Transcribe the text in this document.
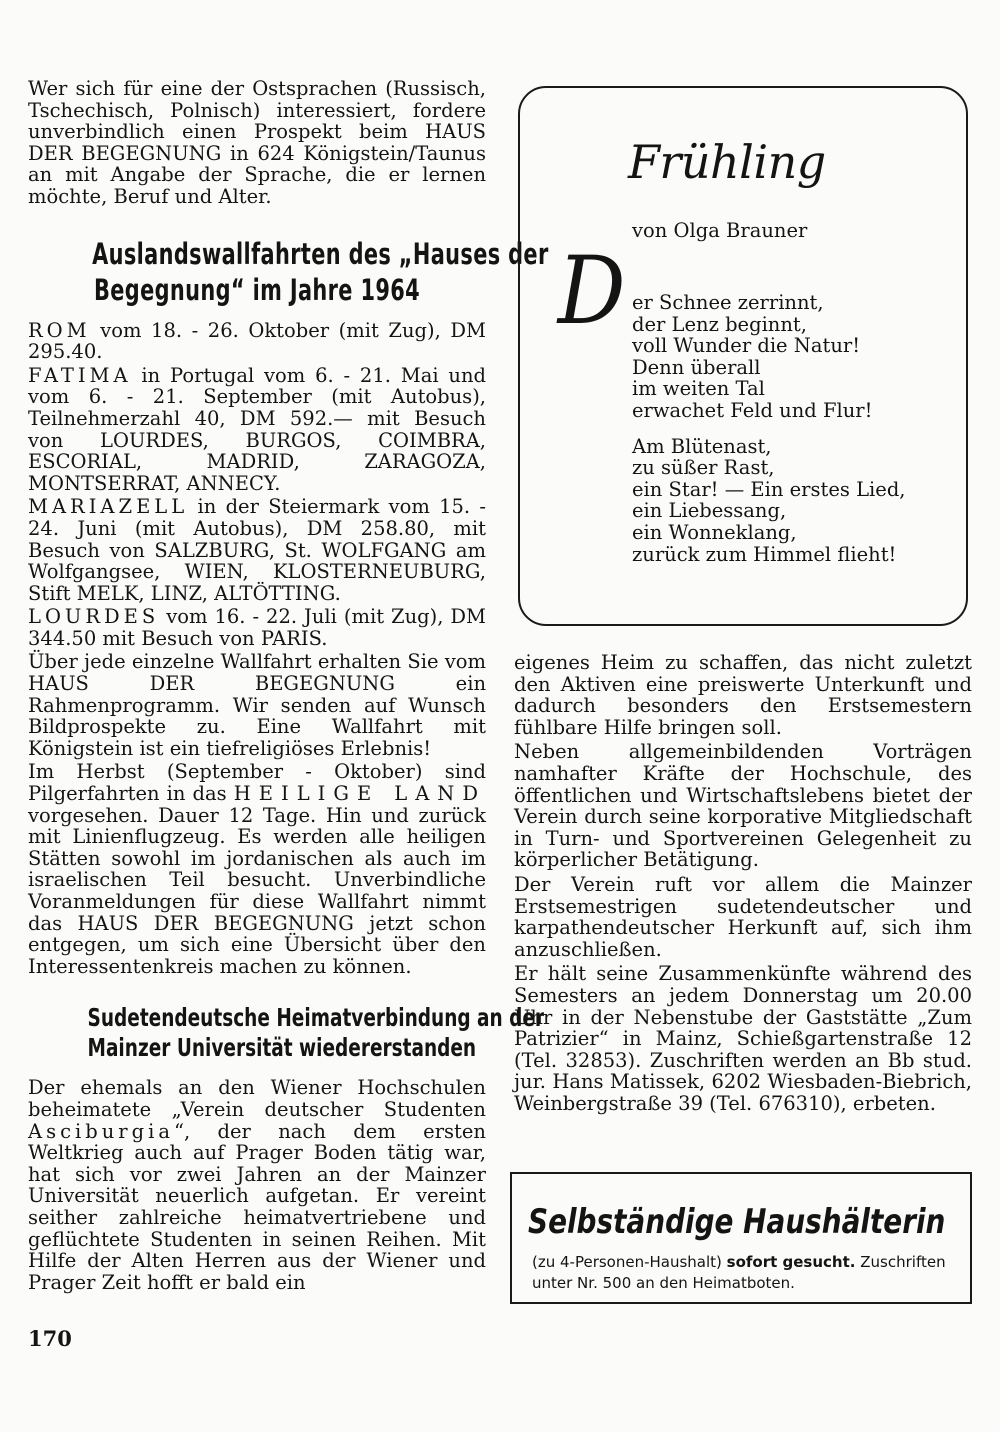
Wer sich für eine der Ostsprachen (Russisch, Tschechisch, Polnisch) interessiert, fordere unverbindlich einen Prospekt beim HAUS DER BEGEGNUNG in 624 Königstein/Taunus an mit Angabe der Sprache, die er lernen möchte, Beruf und Alter.

Auslandswallfahrten des „Hauses der
Begegnung“ im Jahre 1964

ROM vom 18. - 26. Oktober (mit Zug), DM 295.40.

FATIMA in Portugal vom 6. - 21. Mai und vom 6. - 21. September (mit Autobus), Teilnehmerzahl 40, DM 592.— mit Besuch von LOURDES, BURGOS, COIMBRA, ESCORIAL, MADRID, ZARAGOZA, MONTSERRAT, ANNECY.

MARIAZELL in der Steiermark vom 15. - 24. Juni (mit Autobus), DM 258.80, mit Besuch von SALZBURG, St. WOLFGANG am Wolfgangsee, WIEN, KLOSTERNEUBURG, Stift MELK, LINZ, ALTÖTTING.

LOURDES vom 16. - 22. Juli (mit Zug), DM 344.50 mit Besuch von PARIS.

Über jede einzelne Wallfahrt erhalten Sie vom HAUS DER BEGEGNUNG ein Rahmenprogramm. Wir senden auf Wunsch Bildprospekte zu. Eine Wallfahrt mit Königstein ist ein tiefreligiöses Erlebnis!

Im Herbst (September - Oktober) sind Pilgerfahrten in das HEILIGE LAND vorgesehen. Dauer 12 Tage. Hin und zurück mit Linienflugzeug. Es werden alle heiligen Stätten sowohl im jordanischen als auch im israelischen Teil besucht. Unverbindliche Voranmeldungen für diese Wallfahrt nimmt das HAUS DER BEGEGNUNG jetzt schon entgegen, um sich eine Übersicht über den Interessentenkreis machen zu können.

Sudetendeutsche Heimatverbindung an der
Mainzer Universität wiedererstanden

Der ehemals an den Wiener Hochschulen beheimatete „Verein deutscher Studenten Asciburgia“, der nach dem ersten Weltkrieg auch auf Prager Boden tätig war, hat sich vor zwei Jahren an der Mainzer Universität neuerlich aufgetan. Er vereint seither zahlreiche heimatvertriebene und geflüchtete Studenten in seinen Reihen. Mit Hilfe der Alten Herren aus der Wiener und Prager Zeit hofft er bald ein

170
Frühling
von Olga Brauner
D er Schnee zerrinnt,
der Lenz beginnt,
voll Wunder die Natur!
Denn überall
im weiten Tal
erwachet Feld und Flur!
Am Blütenast,
zu süßer Rast,
ein Star! — Ein erstes Lied,
ein Liebessang,
ein Wonneklang,
zurück zum Himmel flieht!

eigenes Heim zu schaffen, das nicht zuletzt den Aktiven eine preiswerte Unterkunft und dadurch besonders den Erstsemestern fühlbare Hilfe bringen soll.

Neben allgemeinbildenden Vorträgen namhafter Kräfte der Hochschule, des öffentlichen und Wirtschaftslebens bietet der Verein durch seine korporative Mitgliedschaft in Turn- und Sportvereinen Gelegenheit zu körperlicher Betätigung.

Der Verein ruft vor allem die Mainzer Erstsemestrigen sudetendeutscher und karpathendeutscher Herkunft auf, sich ihm anzuschließen.

Er hält seine Zusammenkünfte während des Semesters an jedem Donnerstag um 20.00 Uhr in der Nebenstube der Gaststätte „Zum Patrizier“ in Mainz, Schießgartenstraße 12 (Tel. 32853). Zuschriften werden an Bb stud. jur. Hans Matissek, 6202 Wiesbaden-Biebrich, Weinbergstraße 39 (Tel. 676310), erbeten.

Selbständige Haushälterin
(zu 4-Personen-Haushalt) sofort gesucht. Zuschriften
unter Nr. 500 an den Heimatboten.
